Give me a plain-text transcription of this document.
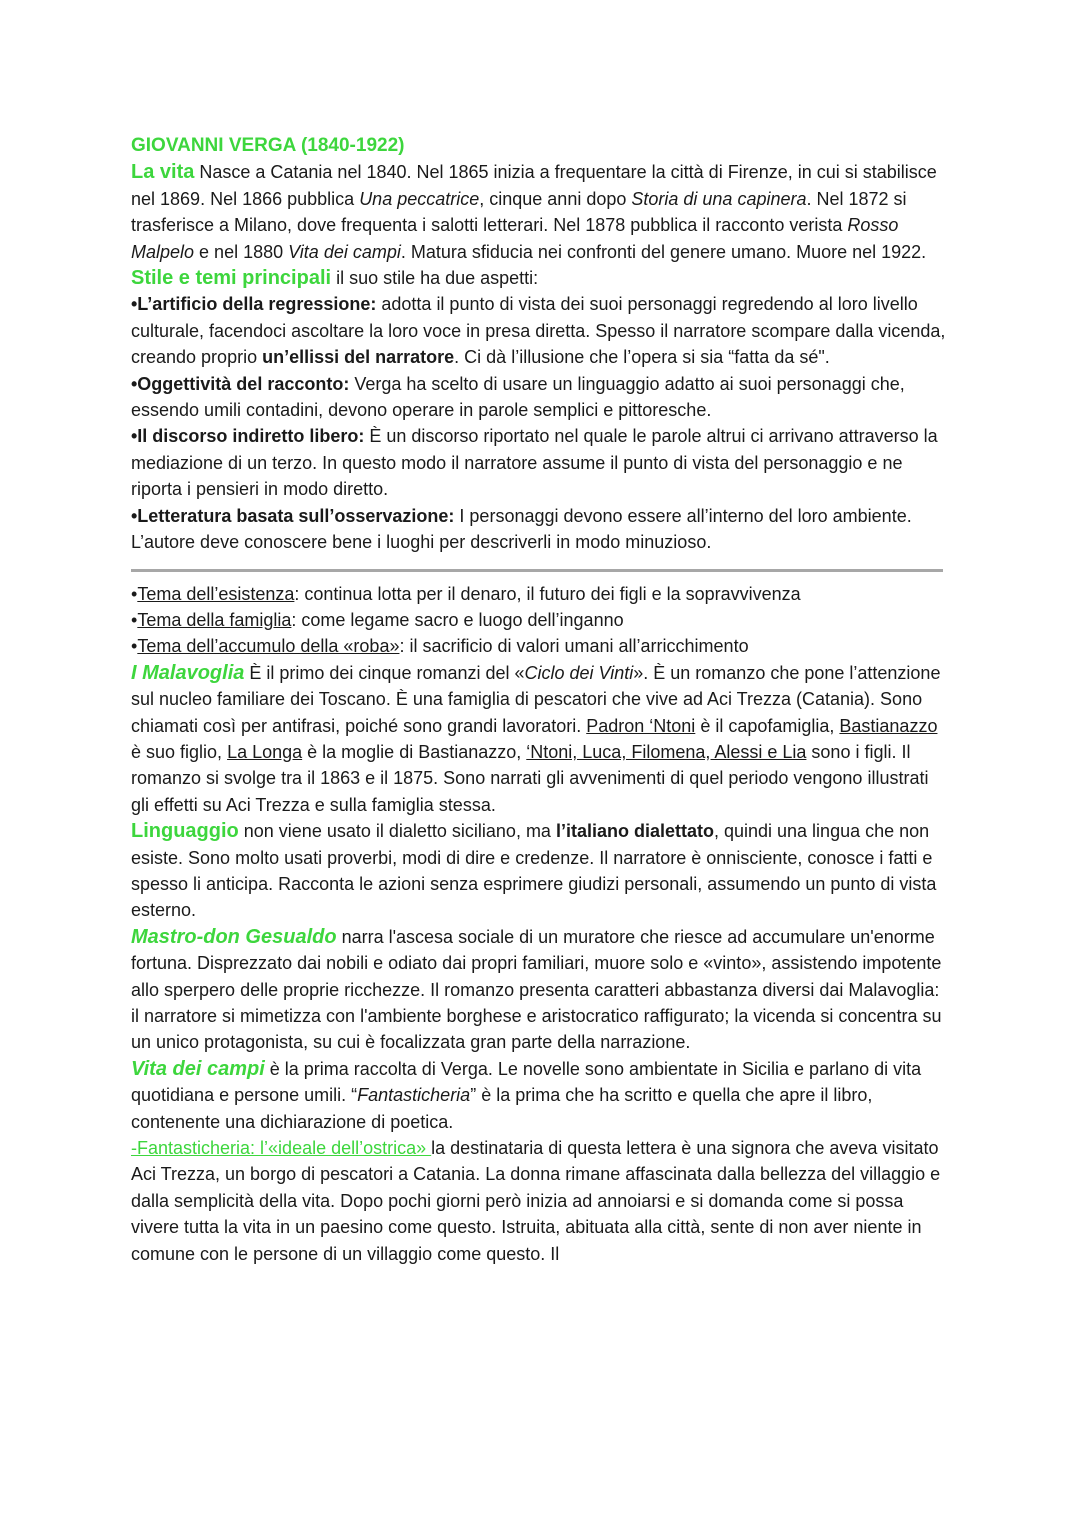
GIOVANNI VERGA (1840-1922)

La vita Nasce a Catania nel 1840. Nel 1865 inizia a frequentare la città di Firenze, in cui si stabilisce nel 1869. Nel 1866 pubblica Una peccatrice, cinque anni dopo Storia di una capinera. Nel 1872 si trasferisce a Milano, dove frequenta i salotti letterari. Nel 1878 pubblica il racconto verista Rosso Malpelo e nel 1880 Vita dei campi. Matura sfiducia nei confronti del genere umano. Muore nel 1922.

Stile e temi principali il suo stile ha due aspetti:

•L’artificio della regressione: adotta il punto di vista dei suoi personaggi regredendo al loro livello culturale, facendoci ascoltare la loro voce in presa diretta. Spesso il narratore scompare dalla vicenda, creando proprio un’ellissi del narratore. Ci dà l’illusione che l’opera si sia “fatta da sé".

•Oggettività del racconto: Verga ha scelto di usare un linguaggio adatto ai suoi personaggi che, essendo umili contadini, devono operare in parole semplici e pittoresche.

•Il discorso indiretto libero: È un discorso riportato nel quale le parole altrui ci arrivano attraverso la mediazione di un terzo. In questo modo il narratore assume il punto di vista del personaggio e ne riporta i pensieri in modo diretto.

•Letteratura basata sull’osservazione: I personaggi devono essere all’interno del loro ambiente. L’autore deve conoscere bene i luoghi per descriverli in modo minuzioso.

•Tema dell’esistenza: continua lotta per il denaro, il futuro dei figli e la sopravvivenza

•Tema della famiglia: come legame sacro e luogo dell’inganno

•Tema dell’accumulo della «roba»: il sacrificio di valori umani all’arricchimento

I Malavoglia È il primo dei cinque romanzi del «Ciclo dei Vinti». È un romanzo che pone l’attenzione sul nucleo familiare dei Toscano. È una famiglia di pescatori che vive ad Aci Trezza (Catania). Sono chiamati così per antifrasi, poiché sono grandi lavoratori. Padron ‘Ntoni è il capofamiglia, Bastianazzo è suo figlio, La Longa è la moglie di Bastianazzo, ‘Ntoni, Luca, Filomena, Alessi e Lia sono i figli. Il romanzo si svolge tra il 1863 e il 1875. Sono narrati gli avvenimenti di quel periodo vengono illustrati gli effetti su Aci Trezza e sulla famiglia stessa.

Linguaggio non viene usato il dialetto siciliano, ma l’italiano dialettato, quindi una lingua che non esiste. Sono molto usati proverbi, modi di dire e credenze. Il narratore è onnisciente, conosce i fatti e spesso li anticipa. Racconta le azioni senza esprimere giudizi personali, assumendo un punto di vista esterno.

Mastro-don Gesualdo narra l'ascesa sociale di un muratore che riesce ad accumulare un'enorme fortuna. Disprezzato dai nobili e odiato dai propri familiari, muore solo e «vinto», assistendo impotente allo sperpero delle proprie ricchezze. Il romanzo presenta caratteri abbastanza diversi dai Malavoglia: il narratore si mimetizza con l'ambiente borghese e aristocratico raffigurato; la vicenda si concentra su un unico protagonista, su cui è focalizzata gran parte della narrazione.

Vita dei campi è la prima raccolta di Verga. Le novelle sono ambientate in Sicilia e parlano di vita quotidiana e persone umili. “Fantasticheria” è la prima che ha scritto e quella che apre il libro, contenente una dichiarazione di poetica.

-Fantasticheria: l’«ideale dell’ostrica» la destinataria di questa lettera è una signora che aveva visitato Aci Trezza, un borgo di pescatori a Catania. La donna rimane affascinata dalla bellezza del villaggio e dalla semplicità della vita. Dopo pochi giorni però inizia ad annoiarsi e si domanda come si possa vivere tutta la vita in un paesino come questo. Istruita, abituata alla città, sente di non aver niente in comune con le persone di un villaggio come questo. Il
